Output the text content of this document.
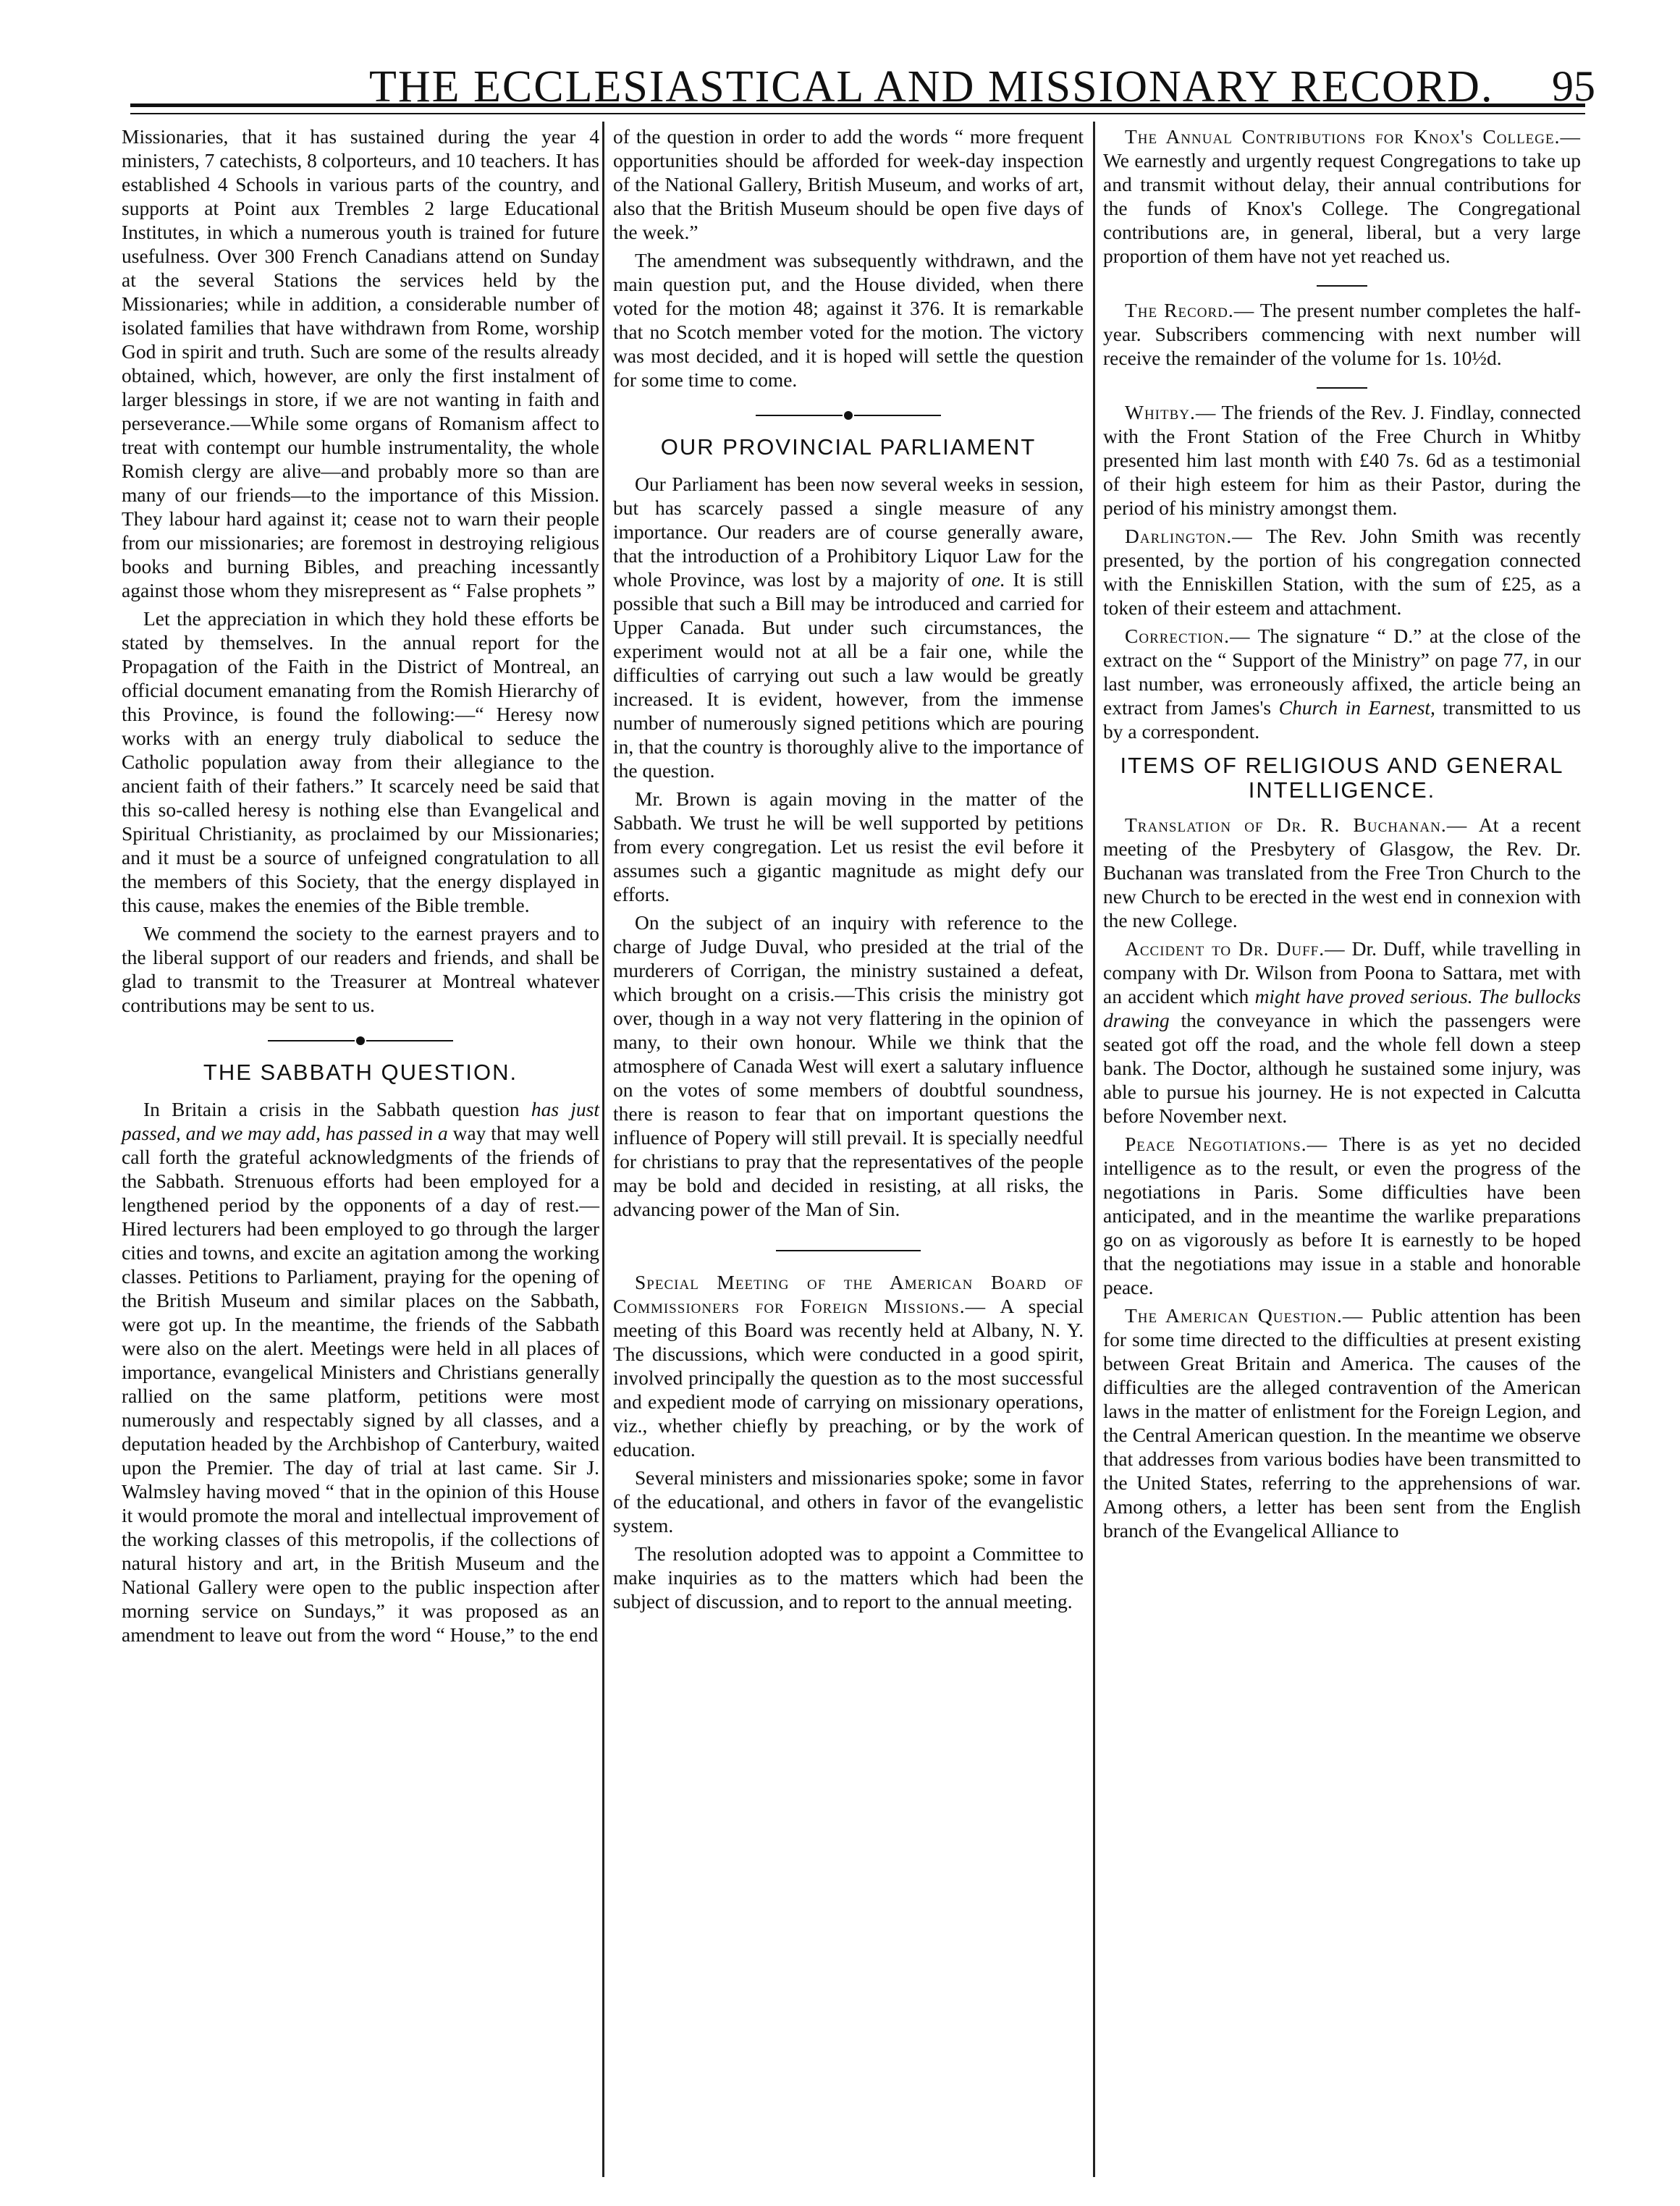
THE ECCLESIASTICAL AND MISSIONARY RECORD. 95

Missionaries, that it has sustained during the year 4 ministers, 7 catechists, 8 colporteurs, and 10 teachers. It has established 4 Schools in various parts of the country, and supports at Point aux Trembles 2 large Educational Institutes, in which a numerous youth is trained for future usefulness. Over 300 French Canadians attend on Sunday at the several Stations the services held by the Missionaries; while in addition, a considerable number of isolated families that have withdrawn from Rome, worship God in spirit and truth. Such are some of the results already obtained, which, however, are only the first instalment of larger blessings in store, if we are not wanting in faith and perseverance.—While some organs of Romanism affect to treat with contempt our humble instrumentality, the whole Romish clergy are alive—and probably more so than are many of our friends—to the importance of this Mission. They labour hard against it; cease not to warn their people from our missionaries; are foremost in destroying religious books and burning Bibles, and preaching incessantly against those whom they misrepresent as “ False prophets ”

Let the appreciation in which they hold these efforts be stated by themselves. In the annual report for the Propagation of the Faith in the District of Montreal, an official document emanating from the Romish Hierarchy of this Province, is found the following:—“ Heresy now works with an energy truly diabolical to seduce the Catholic population away from their allegiance to the ancient faith of their fathers.” It scarcely need be said that this so-called heresy is nothing else than Evangelical and Spiritual Christianity, as proclaimed by our Missionaries; and it must be a source of unfeigned congratulation to all the members of this Society, that the energy displayed in this cause, makes the enemies of the Bible tremble.

We commend the society to the earnest prayers and to the liberal support of our readers and friends, and shall be glad to transmit to the Treasurer at Montreal whatever contributions may be sent to us.

THE SABBATH QUESTION.

In Britain a crisis in the Sabbath question has just passed, and we may add, has passed in a way that may well call forth the grateful acknowledgments of the friends of the Sabbath. Strenuous efforts had been employed for a lengthened period by the opponents of a day of rest.—Hired lecturers had been employed to go through the larger cities and towns, and excite an agitation among the working classes. Petitions to Parliament, praying for the opening of the British Museum and similar places on the Sabbath, were got up. In the meantime, the friends of the Sabbath were also on the alert. Meetings were held in all places of importance, evangelical Ministers and Christians generally rallied on the same platform, petitions were most numerously and respectably signed by all classes, and a deputation headed by the Archbishop of Canterbury, waited upon the Premier. The day of trial at last came. Sir J. Walmsley having moved “ that in the opinion of this House it would promote the moral and intellectual improvement of the working classes of this metropolis, if the collections of natural history and art, in the British Museum and the National Gallery were open to the public inspection after morning service on Sundays,” it was proposed as an amendment to leave out from the word “ House,” to the end

of the question in order to add the words “ more frequent opportunities should be afforded for week-day inspection of the National Gallery, British Museum, and works of art, also that the British Museum should be open five days of the week.”

The amendment was subsequently withdrawn, and the main question put, and the House divided, when there voted for the motion 48; against it 376. It is remarkable that no Scotch member voted for the motion. The victory was most decided, and it is hoped will settle the question for some time to come.

OUR PROVINCIAL PARLIAMENT

Our Parliament has been now several weeks in session, but has scarcely passed a single measure of any importance. Our readers are of course generally aware, that the introduction of a Prohibitory Liquor Law for the whole Province, was lost by a majority of one. It is still possible that such a Bill may be introduced and carried for Upper Canada. But under such circumstances, the experiment would not at all be a fair one, while the difficulties of carrying out such a law would be greatly increased. It is evident, however, from the immense number of numerously signed petitions which are pouring in, that the country is thoroughly alive to the importance of the question.

Mr. Brown is again moving in the matter of the Sabbath. We trust he will be well supported by petitions from every congregation. Let us resist the evil before it assumes such a gigantic magnitude as might defy our efforts.

On the subject of an inquiry with reference to the charge of Judge Duval, who presided at the trial of the murderers of Corrigan, the ministry sustained a defeat, which brought on a crisis.—This crisis the ministry got over, though in a way not very flattering in the opinion of many, to their own honour. While we think that the atmosphere of Canada West will exert a salutary influence on the votes of some members of doubtful soundness, there is reason to fear that on important questions the influence of Popery will still prevail. It is specially needful for christians to pray that the representatives of the people may be bold and decided in resisting, at all risks, the advancing power of the Man of Sin.

Special Meeting of the American Board of Commissioners for Foreign Missions.— A special meeting of this Board was recently held at Albany, N. Y. The discussions, which were conducted in a good spirit, involved principally the question as to the most successful and expedient mode of carrying on missionary operations, viz., whether chiefly by preaching, or by the work of education.

Several ministers and missionaries spoke; some in favor of the educational, and others in favor of the evangelistic system.

The resolution adopted was to appoint a Committee to make inquiries as to the matters which had been the subject of discussion, and to report to the annual meeting.

The Annual Contributions for Knox's College.— We earnestly and urgently request Congregations to take up and transmit without delay, their annual contributions for the funds of Knox's College. The Congregational contributions are, in general, liberal, but a very large proportion of them have not yet reached us.

The Record.— The present number completes the half-year. Subscribers commencing with next number will receive the remainder of the volume for 1s. 10½d.

Whitby.— The friends of the Rev. J. Findlay, connected with the Front Station of the Free Church in Whitby presented him last month with £40 7s. 6d as a testimonial of their high esteem for him as their Pastor, during the period of his ministry amongst them.

Darlington.— The Rev. John Smith was recently presented, by the portion of his congregation connected with the Enniskillen Station, with the sum of £25, as a token of their esteem and attachment.

Correction.— The signature “ D.” at the close of the extract on the “ Support of the Ministry” on page 77, in our last number, was erroneously affixed, the article being an extract from James's Church in Earnest, transmitted to us by a correspondent.

ITEMS OF RELIGIOUS AND GENERAL INTELLIGENCE.

Translation of Dr. R. Buchanan.— At a recent meeting of the Presbytery of Glasgow, the Rev. Dr. Buchanan was translated from the Free Tron Church to the new Church to be erected in the west end in connexion with the new College.

Accident to Dr. Duff.— Dr. Duff, while travelling in company with Dr. Wilson from Poona to Sattara, met with an accident which might have proved serious. The bullocks drawing the conveyance in which the passengers were seated got off the road, and the whole fell down a steep bank. The Doctor, although he sustained some injury, was able to pursue his journey. He is not expected in Calcutta before November next.

Peace Negotiations.— There is as yet no decided intelligence as to the result, or even the progress of the negotiations in Paris. Some difficulties have been anticipated, and in the meantime the warlike preparations go on as vigorously as before It is earnestly to be hoped that the negotiations may issue in a stable and honorable peace.

The American Question.— Public attention has been for some time directed to the difficulties at present existing between Great Britain and America. The causes of the difficulties are the alleged contravention of the American laws in the matter of enlistment for the Foreign Legion, and the Central American question. In the meantime we observe that addresses from various bodies have been transmitted to the United States, referring to the apprehensions of war. Among others, a letter has been sent from the English branch of the Evangelical Alliance to
